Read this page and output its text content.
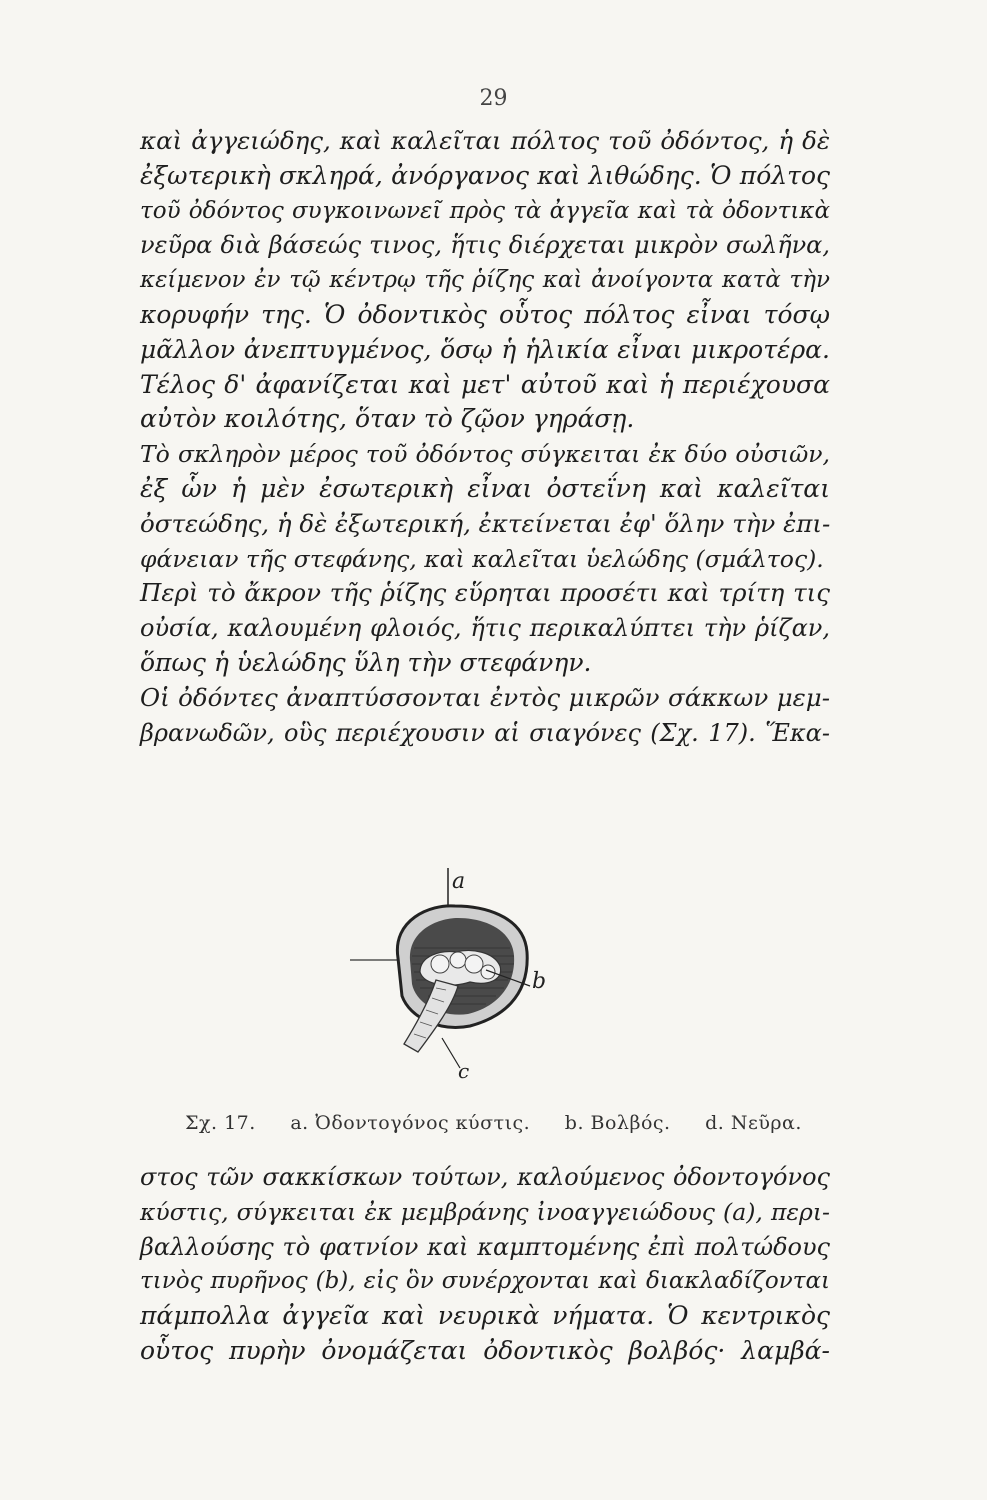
29
καὶ ἀγγειώδης, καὶ καλεῖται πόλτος τοῦ ὀδόντος, ἡ δὲ
ἐξωτερικὴ σκληρά, ἀνόργανος καὶ λιθώδης. Ὁ πόλτος
τοῦ ὀδόντος συγκοινωνεῖ πρὸς τὰ ἀγγεῖα καὶ τὰ ὀδοντικὰ
νεῦρα διὰ βάσεώς τινος, ἥτις διέρχεται μικρὸν σωλῆνα,
κείμενον ἐν τῷ κέντρῳ τῆς ῥίζης καὶ ἀνοίγοντα κατὰ τὴν
κορυφήν της. Ὁ ὀδοντικὸς οὗτος πόλτος εἶναι τόσῳ
μᾶλλον ἀνεπτυγμένος, ὅσῳ ἡ ἡλικία εἶναι μικροτέρα.
Τέλος δ' ἀφανίζεται καὶ μετ' αὐτοῦ καὶ ἡ περιέχουσα
αὐτὸν κοιλότης, ὅταν τὸ ζῷον γηράσῃ.
Τὸ σκληρὸν μέρος τοῦ ὀδόντος σύγκειται ἐκ δύο οὐσιῶν,
ἐξ ὧν ἡ μὲν ἐσωτερικὴ εἶναι ὀστεΐνη καὶ καλεῖται
ὀστεώδης, ἡ δὲ ἐξωτερική, ἐκτείνεται ἐφ' ὅλην τὴν ἐπι-
φάνειαν τῆς στεφάνης, καὶ καλεῖται ὑελώδης (σμάλτος).
Περὶ τὸ ἄκρον τῆς ῥίζης εὕρηται προσέτι καὶ τρίτη τις
οὐσία, καλουμένη φλοιός, ἥτις περικαλύπτει τὴν ῥίζαν,
ὅπως ἡ ὑελώδης ὕλη τὴν στεφάνην.
Οἱ ὀδόντες ἀναπτύσσονται ἐντὸς μικρῶν σάκκων μεμ-
βρανωδῶν, οὓς περιέχουσιν αἱ σιαγόνες (Σχ. 17). Ἕκα-
a
b
c
Σχ. 17. a. Ὀδοντογόνος κύστις. b. Βολβός. d. Νεῦρα.
στος τῶν σακκίσκων τούτων, καλούμενος ὀδοντογόνος
κύστις, σύγκειται ἐκ μεμβράνης ἰνοαγγειώδους (a), περι-
βαλλούσης τὸ φατνίον καὶ καμπτομένης ἐπὶ πολτώδους
τινὸς πυρῆνος (b), εἰς ὃν συνέρχονται καὶ διακλαδίζονται
πάμπολλα ἀγγεῖα καὶ νευρικὰ νήματα. Ὁ κεντρικὸς
οὗτος πυρὴν ὀνομάζεται ὀδοντικὸς βολβός· λαμβά-
